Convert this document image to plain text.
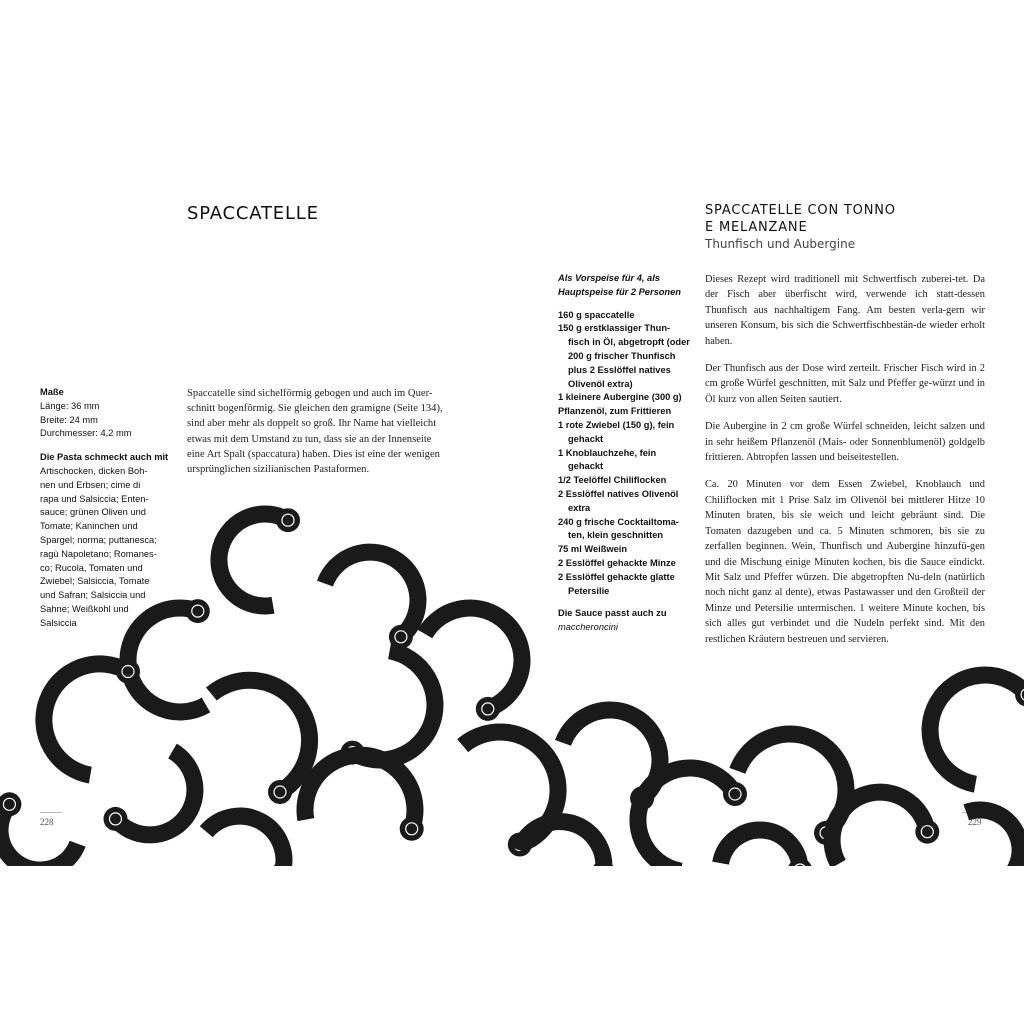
SPACCATELLE
Maße
Länge: 36 mm
Breite: 24 mm
Durchmesser: 4,2 mm
Die Pasta schmeckt auch mit
Artischocken, dicken Boh-
nen und Erbsen; cime di
rapa und Salsiccia; Enten-
sauce; grünen Oliven und
Tomate; Kaninchen und
Spargel; norma; puttanesca;
ragù Napoletano; Romanes-
co; Rucola, Tomaten und
Zwiebel; Salsiccia, Tomate
und Safran; Salsiccia und
Sahne; Weißkohl und
Salsiccia
Spaccatelle sind sichelförmig gebogen und auch im Quer-
schnitt bogenförmig. Sie gleichen den gramigne (Seite 134),
sind aber mehr als doppelt so groß. Ihr Name hat vielleicht
etwas mit dem Umstand zu tun, dass sie an der Innenseite
eine Art Spalt (spaccatura) haben. Dies ist eine der wenigen
ursprünglichen sizilianischen Pastaformen.
228
SPACCATELLE CON TONNO
E MELANZANE
Thunfisch und Aubergine
Als Vorspeise für 4, als
Hauptspeise für 2 Personen
160 g spaccatelle
150 g erstklassiger Thun-fisch in Öl, abgetropft (oder 200 g frischer Thunfisch plus 2 Esslöffel natives Olivenöl extra)
1 kleinere Aubergine (300 g)
Pflanzenöl, zum Frittieren
1 rote Zwiebel (150 g), fein gehackt
1 Knoblauchzehe, fein gehackt
1/2 Teelöffel Chiliflocken
2 Esslöffel natives Olivenöl extra
240 g frische Cocktailtoma-ten, klein geschnitten
75 ml Weißwein
2 Esslöffel gehackte Minze
2 Esslöffel gehackte glatte Petersilie
Die Sauce passt auch zu
maccheroncini

Dieses Rezept wird traditionell mit Schwertfisch zuberei-tet. Da der Fisch aber überfischt wird, verwende ich statt-dessen Thunfisch aus nachhaltigem Fang. Am besten verla-gern wir unseren Konsum, bis sich die Schwertfischbestän-de wieder erholt haben.

Der Thunfisch aus der Dose wird zerteilt. Frischer Fisch wird in 2 cm große Würfel geschnitten, mit Salz und Pfeffer ge-würzt und in Öl kurz von allen Seiten sautiert.

Die Aubergine in 2 cm große Würfel schneiden, leicht salzen und in sehr heißem Pflanzenöl (Mais- oder Sonnenblumenöl) goldgelb frittieren. Abtropfen lassen und beiseitestellen.

Ca. 20 Minuten vor dem Essen Zwiebel, Knoblauch und Chiliflocken mit 1 Prise Salz im Olivenöl bei mittlerer Hitze 10 Minuten braten, bis sie weich und leicht gebräunt sind. Die Tomaten dazugeben und ca. 5 Minuten schmoren, bis sie zu zerfallen beginnen. Wein, Thunfisch und Aubergine hinzufü-gen und die Mischung einige Minuten kochen, bis die Sauce eindickt. Mit Salz und Pfeffer würzen. Die abgetropften Nu-deln (natürlich noch nicht ganz al dente), etwas Pastawasser und den Großteil der Minze und Petersilie untermischen. 1 weitere Minute kochen, bis sich alles gut verbindet und die Nudeln perfekt sind. Mit den restlichen Kräutern bestreuen und servieren.

229
